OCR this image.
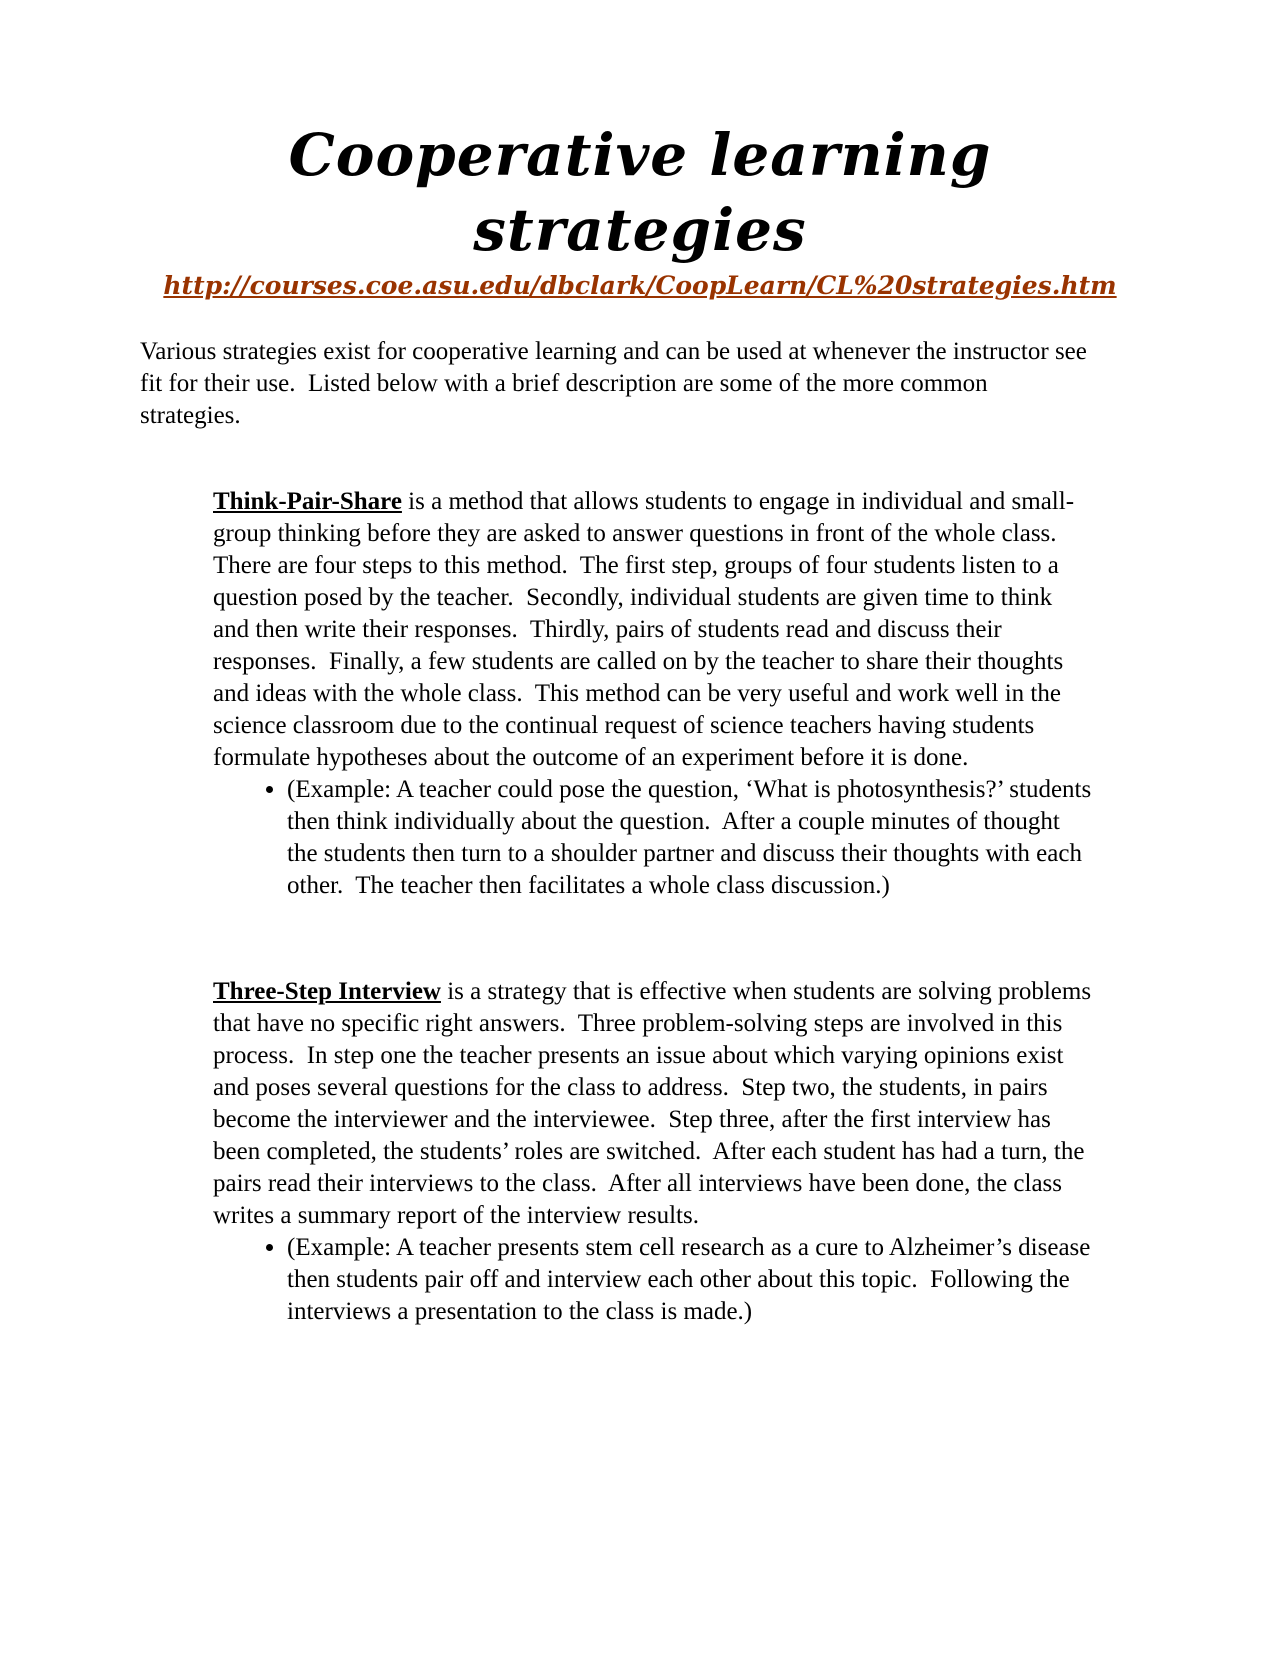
Cooperative learning strategies
http://courses.coe.asu.edu/dbclark/CoopLearn/CL%20strategies.htm

Various strategies exist for cooperative learning and can be used at whenever the instructor see fit for their use.  Listed below with a brief description are some of the more common strategies.

Think-Pair-Share is a method that allows students to engage in individual and small-group thinking before they are asked to answer questions in front of the whole class.  There are four steps to this method.  The first step, groups of four students listen to a question posed by the teacher.  Secondly, individual students are given time to think and then write their responses.  Thirdly, pairs of students read and discuss their responses.  Finally, a few students are called on by the teacher to share their thoughts and ideas with the whole class.  This method can be very useful and work well in the science classroom due to the continual request of science teachers having students formulate hypotheses about the outcome of an experiment before it is done.

• (Example: A teacher could pose the question, ‘What is photosynthesis?’ students then think individually about the question.  After a couple minutes of thought the students then turn to a shoulder partner and discuss their thoughts with each other.  The teacher then facilitates a whole class discussion.)

Three-Step Interview is a strategy that is effective when students are solving problems that have no specific right answers.  Three problem-solving steps are involved in this process.  In step one the teacher presents an issue about which varying opinions exist and poses several questions for the class to address.  Step two, the students, in pairs become the interviewer and the interviewee.  Step three, after the first interview has been completed, the students’ roles are switched.  After each student has had a turn, the pairs read their interviews to the class.  After all interviews have been done, the class writes a summary report of the interview results.

• (Example: A teacher presents stem cell research as a cure to Alzheimer’s disease then students pair off and interview each other about this topic.  Following the interviews a presentation to the class is made.)
